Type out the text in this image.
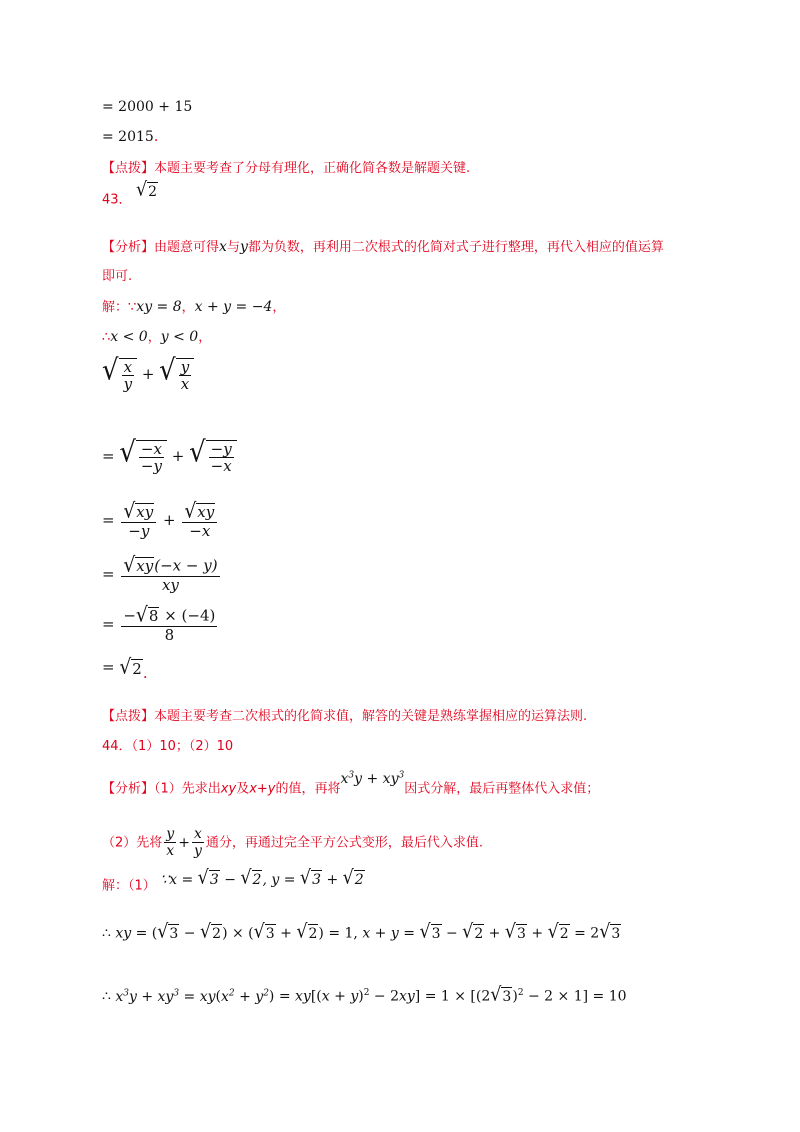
= 2000 + 15
= 2015.
【点拨】本题主要考查了分母有理化，正确化简各数是解题关键.
43． √ 2
【分析】由题意可得x与y都为负数，再利用二次根式的化简对式子进行整理，再代入相应的值运算
即可.
解：∵xy = 8，x + y = −4，
∴x < 0，y < 0，
√ $\frac{x}{y}$ + √ $\frac{y}{x}$
= √ $\frac{-x}{-y}$ + √ $\frac{-y}{-x}$
= $\frac{√ xy}{-y} + \frac{√ xy}{-x}$
= $\frac{√ xy (-x - y)}{xy}$
= $\frac{- √ 8 \times (-4)}{8}$
= √ 2 .
【点拨】本题主要考查二次根式的化简求值，解答的关键是熟练掌握相应的运算法则.
44．（1）10；（2）10
【分析】（1）先求出xy及x+y的值，再将$x^3y + xy^3$因式分解，最后再整体代入求值；
（2）先将 $\frac{y}{x} + \frac{x}{y}$ 通分，再通过完全平方公式变形，最后代入求值.
解：（1） ∵x = √ 3 − √ 2 , y = √ 3 + √ 2
∴ xy = ( √ 3 − √ 2 ) × ( √ 3 + √ 2 ) = 1, x + y = √ 3 − √ 2 + √ 3 + √ 2 = 2 √ 3
∴ $x^3y + xy^3 = xy(x^2 + y^2) = xy[(x + y)^2 - 2xy] = 1 \times [(2$ √ 3 )$^2$ − 2 × 1] = 10
